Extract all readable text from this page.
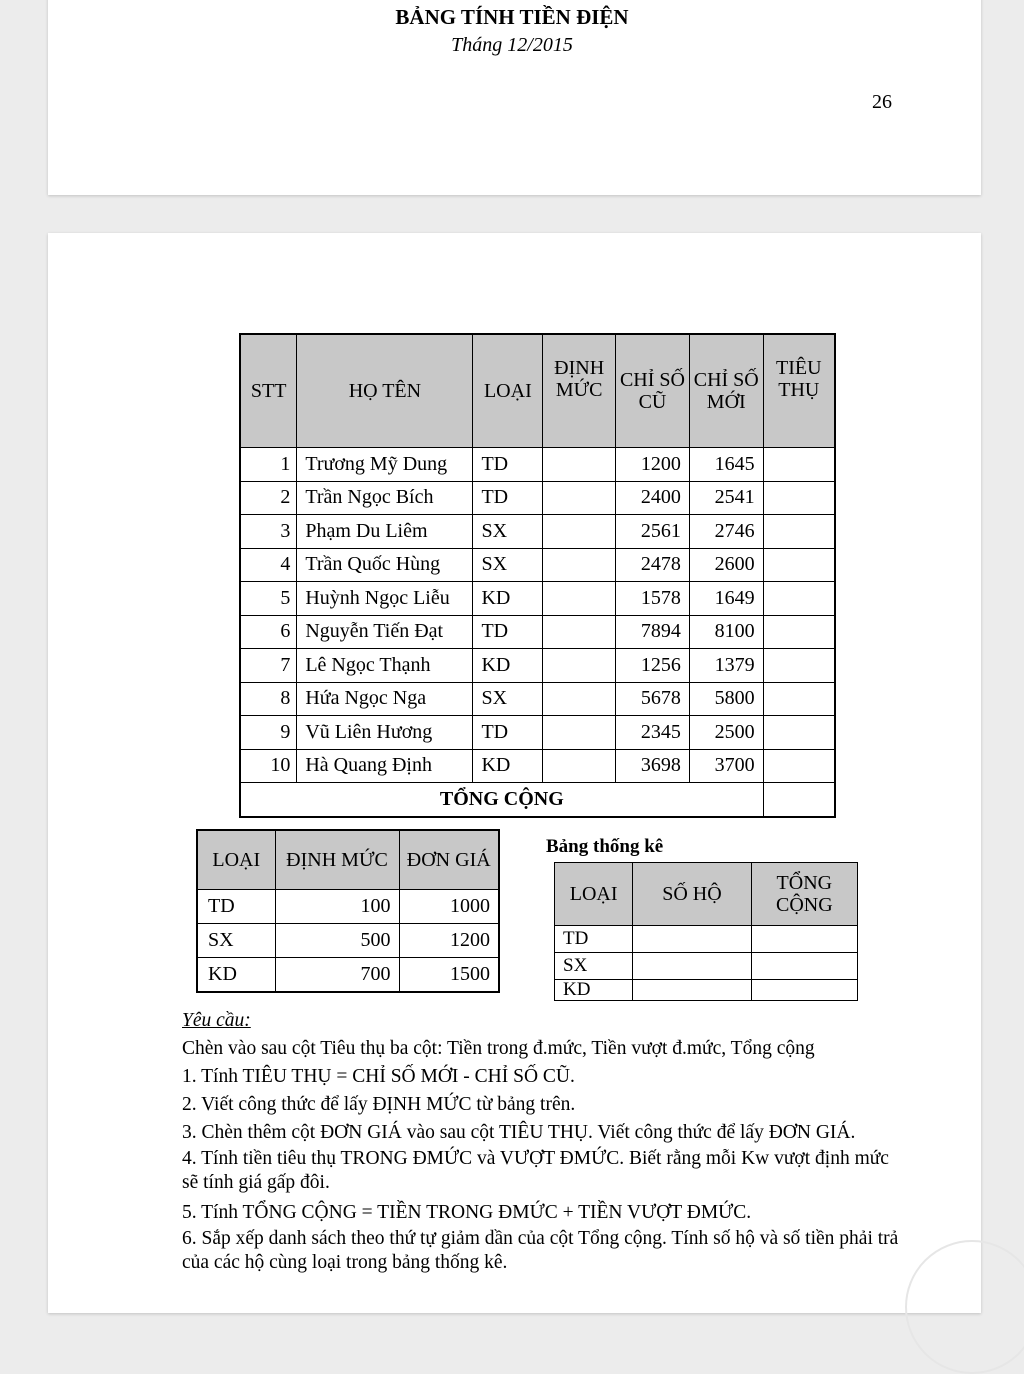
BẢNG TÍNH TIỀN ĐIỆN
Tháng 12/2015
26
STT	HỌ TÊN	LOẠI	ĐỊNH MỨC	CHỈ SỐ CŨ	CHỈ SỐ MỚI	TIÊU THỤ
1	Trương Mỹ Dung	TD		1200	1645	
2	Trần Ngọc Bích	TD		2400	2541	
3	Phạm Du Liêm	SX		2561	2746	
4	Trần Quốc Hùng	SX		2478	2600	
5	Huỳnh Ngọc Liễu	KD		1578	1649	
6	Nguyễn Tiến Đạt	TD		7894	8100	
7	Lê Ngọc Thạnh	KD		1256	1379	
8	Hứa Ngọc Nga	SX		5678	5800	
9	Vũ Liên Hương	TD		2345	2500	
10	Hà Quang Định	KD		3698	3700	
TỔNG CỘNG						
LOẠI	ĐỊNH MỨC	ĐƠN GIÁ
TD	100	1000
SX	500	1200
KD	700	1500
Bảng thống kê
LOẠI	SỐ HỘ	TỔNG CỘNG
TD		
SX		
KD		

Yêu cầu:

Chèn vào sau cột Tiêu thụ ba cột: Tiền trong đ.mức, Tiền vượt đ.mức, Tổng cộng

1. Tính TIÊU THỤ = CHỈ SỐ MỚI - CHỈ SỐ CŨ.

2. Viết công thức để lấy ĐỊNH MỨC từ bảng trên.

3. Chèn thêm cột ĐƠN GIÁ vào sau cột TIÊU THỤ. Viết công thức để lấy ĐƠN GIÁ.

4. Tính tiền tiêu thụ TRONG ĐMỨC và VƯỢT ĐMỨC. Biết rằng mỗi Kw vượt định mức sẽ tính giá gấp đôi.

5. Tính TỔNG CỘNG = TIỀN TRONG ĐMỨC + TIỀN VƯỢT ĐMỨC.

6. Sắp xếp danh sách theo thứ tự giảm dần của cột Tổng cộng. Tính số hộ và số tiền phải trả của các hộ cùng loại trong bảng thống kê.
